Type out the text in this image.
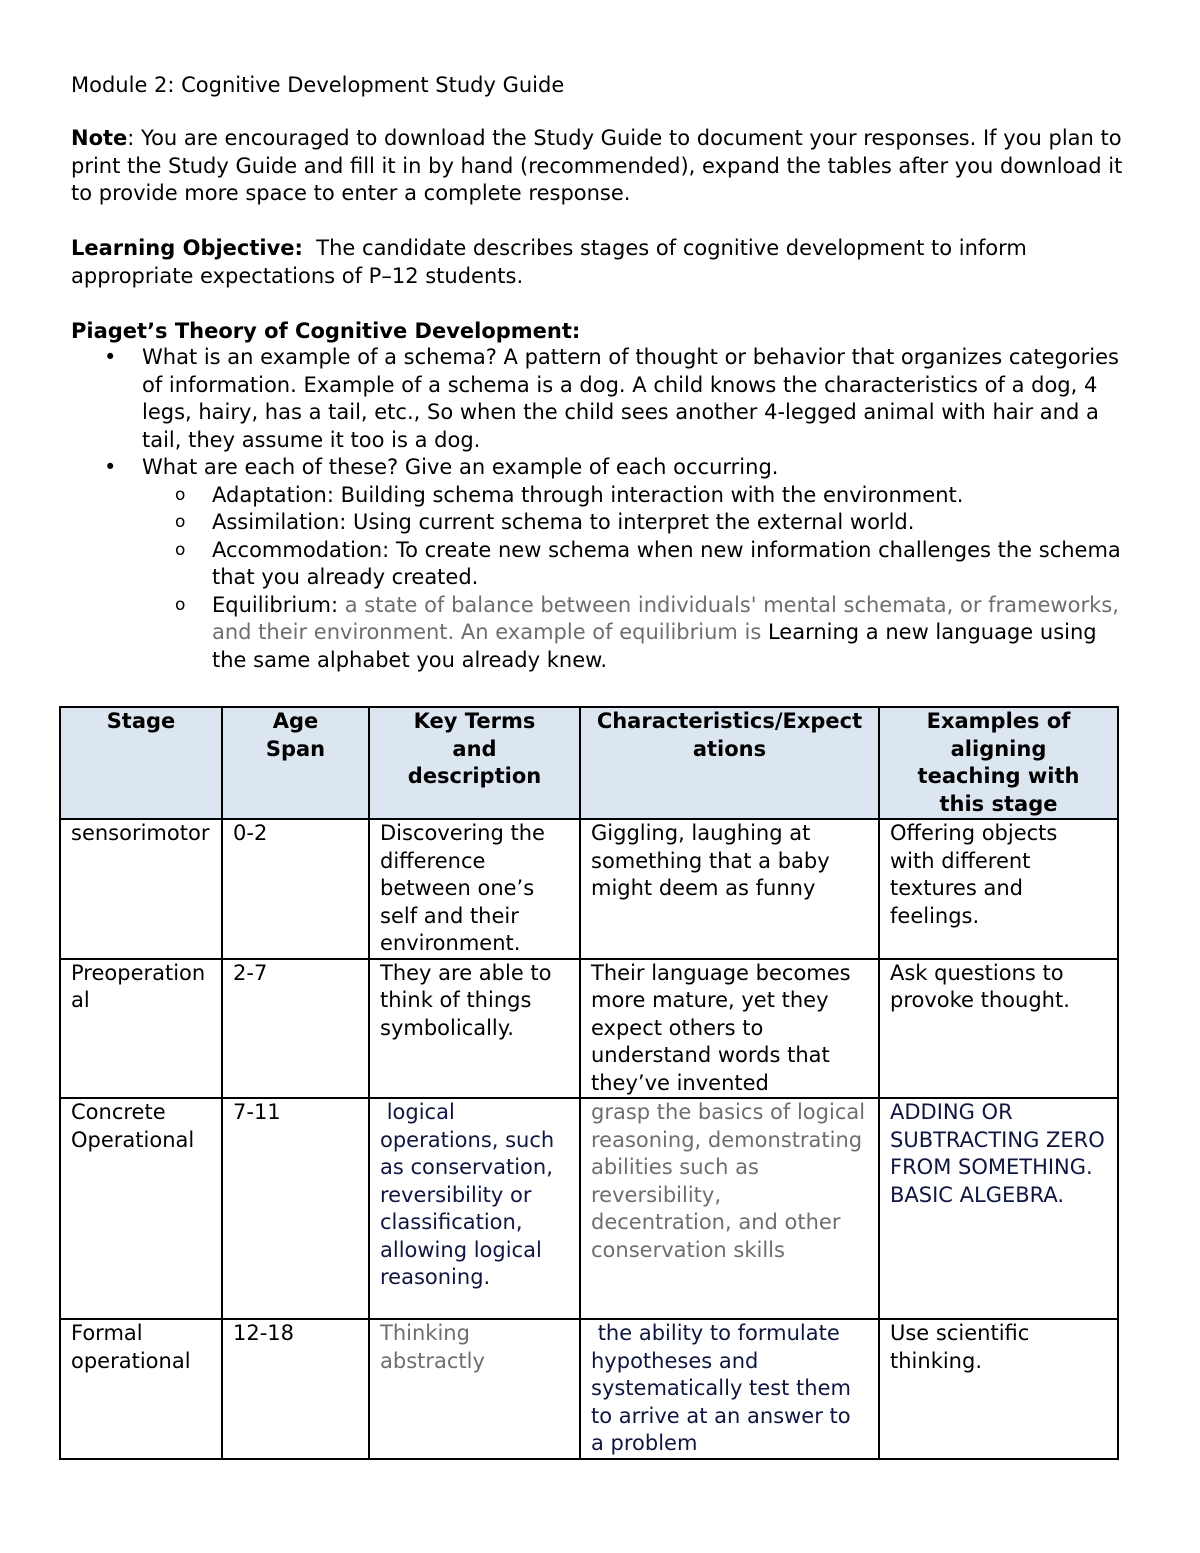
Module 2: Cognitive Development Study Guide
Note: You are encouraged to download the Study Guide to document your responses. If you plan to print the Study Guide and fill it in by hand (recommended), expand the tables after you download it to provide more space to enter a complete response.
Learning Objective:  The candidate describes stages of cognitive development to inform appropriate expectations of P–12 students.
Piaget’s Theory of Cognitive Development:
• What is an example of a schema? A pattern of thought or behavior that organizes categories of information. Example of a schema is a dog. A child knows the characteristics of a dog, 4 legs, hairy, has a tail, etc., So when the child sees another 4-legged animal with hair and a tail, they assume it too is a dog.
• What are each of these? Give an example of each occurring.
o Adaptation: Building schema through interaction with the environment.
o Assimilation: Using current schema to interpret the external world.
o Accommodation: To create new schema when new information challenges the schema that you already created.
o Equilibrium: a state of balance between individuals' mental schemata, or frameworks, and their environment. An example of equilibrium is Learning a new language using the same alphabet you already knew.
Stage	Age Span	Key Terms and description	Characteristics/Expectations	Examples of aligning teaching with this stage
sensorimotor	0-2	Discovering the difference between one’s self and their environment.	Giggling, laughing at something that a baby might deem as funny	Offering objects with different textures and feelings.
Preoperational	2-7	They are able to think of things symbolically.	Their language becomes more mature, yet they expect others to understand words that they’ve invented	Ask questions to provoke thought.
Concrete Operational	7-11	logical operations, such as conservation, reversibility or classification, allowing logical reasoning.	grasp the basics of logical reasoning, demonstrating abilities such as reversibility, decentration, and other conservation skills	ADDING OR SUBTRACTING ZERO FROM SOMETHING. BASIC ALGEBRA.
Formal operational	12-18	Thinking abstractly	the ability to formulate hypotheses and systematically test them to arrive at an answer to a problem	Use scientific thinking.
